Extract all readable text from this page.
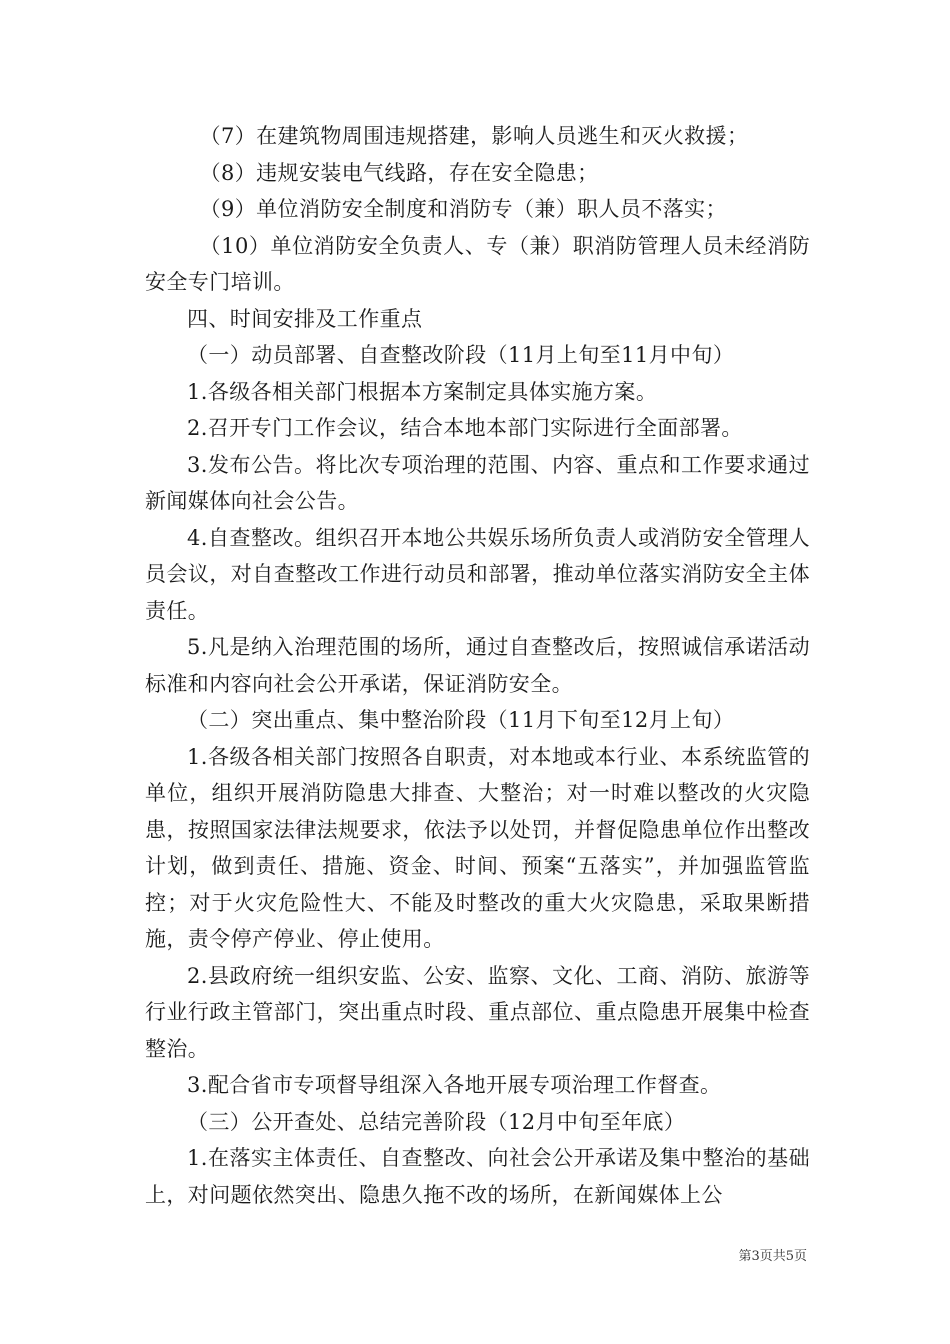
（7）在建筑物周围违规搭建，影响人员逃生和灭火救援；

（8）违规安装电气线路，存在安全隐患；

（9）单位消防安全制度和消防专（兼）职人员不落实；

（10）单位消防安全负责人、专（兼）职消防管理人员未经消防安全专门培训。

四、时间安排及工作重点

（一）动员部署、自查整改阶段（11月上旬至11月中旬）

1.各级各相关部门根据本方案制定具体实施方案。

2.召开专门工作会议，结合本地本部门实际进行全面部署。

3.发布公告。将比次专项治理的范围、内容、重点和工作要求通过新闻媒体向社会公告。

4.自查整改。组织召开本地公共娱乐场所负责人或消防安全管理人员会议，对自查整改工作进行动员和部署，推动单位落实消防安全主体责任。

5.凡是纳入治理范围的场所，通过自查整改后，按照诚信承诺活动标准和内容向社会公开承诺，保证消防安全。

（二）突出重点、集中整治阶段（11月下旬至12月上旬）

1.各级各相关部门按照各自职责，对本地或本行业、本系统监管的单位，组织开展消防隐患大排查、大整治；对一时难以整改的火灾隐患，按照国家法律法规要求，依法予以处罚，并督促隐患单位作出整改计划，做到责任、措施、资金、时间、预案“五落实”，并加强监管监控；对于火灾危险性大、不能及时整改的重大火灾隐患，采取果断措施，责令停产停业、停止使用。

2.县政府统一组织安监、公安、监察、文化、工商、消防、旅游等行业行政主管部门，突出重点时段、重点部位、重点隐患开展集中检查整治。

3.配合省市专项督导组深入各地开展专项治理工作督查。

（三）公开查处、总结完善阶段（12月中旬至年底）

1.在落实主体责任、自查整改、向社会公开承诺及集中整治的基础上，对问题依然突出、隐患久拖不改的场所，在新闻媒体上公

第3页共5页
